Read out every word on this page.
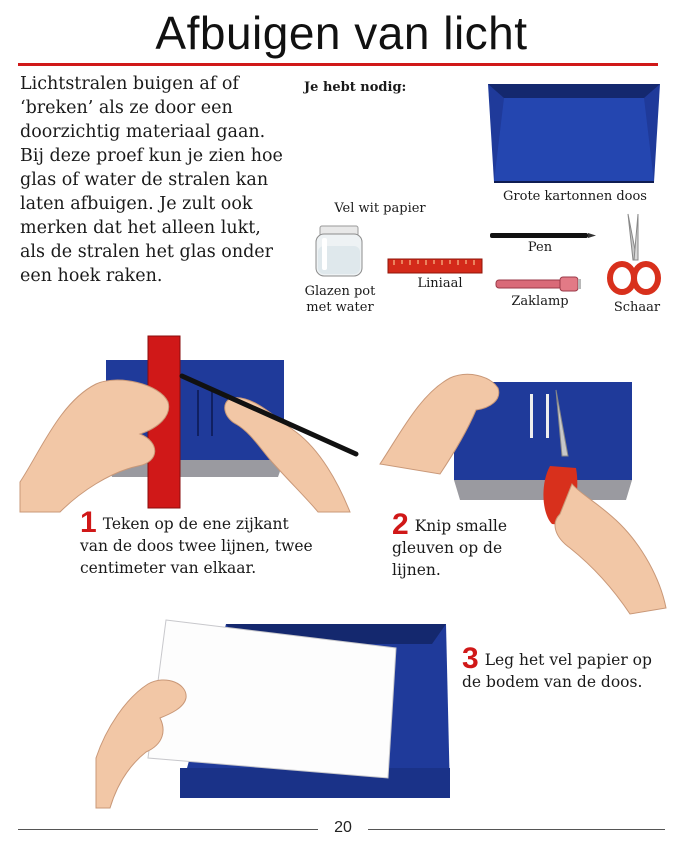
Afbuigen van licht
Lichtstralen buigen af of ‘breken’ als ze door een doorzichtig materiaal gaan. Bij deze proef kun je zien hoe glas of water de stralen kan laten afbuigen. Je zult ook merken dat het alleen lukt, als de stralen het glas onder een hoek raken.
Je hebt nodig:
Grote kartonnen doos
Vel wit papier
Glazen pot
met water
Liniaal
Pen
Zaklamp	Schaar
1 Teken op de ene zijkant van de doos twee lijnen, twee centimeter van elkaar.
2 Knip smalle gleuven op de lijnen.
3 Leg het vel papier op de bodem van de doos.
20
